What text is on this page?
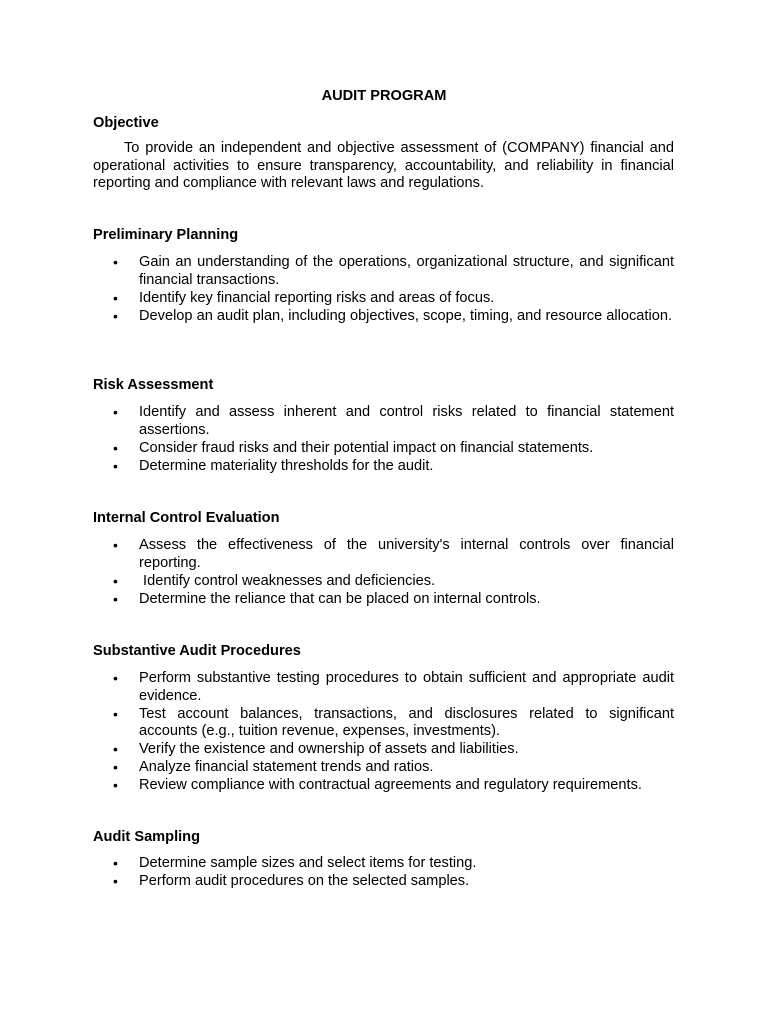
AUDIT PROGRAM
Objective

To provide an independent and objective assessment of (COMPANY) financial and operational activities to ensure transparency, accountability, and reliability in financial reporting and compliance with relevant laws and regulations.

Preliminary Planning
• Gain an understanding of the operations, organizational structure, and significant financial transactions.
• Identify key financial reporting risks and areas of focus.
• Develop an audit plan, including objectives, scope, timing, and resource allocation.
Risk Assessment
• Identify and assess inherent and control risks related to financial statement assertions.
• Consider fraud risks and their potential impact on financial statements.
• Determine materiality thresholds for the audit.
Internal Control Evaluation
• Assess the effectiveness of the university's internal controls over financial reporting.
• Identify control weaknesses and deficiencies.
• Determine the reliance that can be placed on internal controls.
Substantive Audit Procedures
• Perform substantive testing procedures to obtain sufficient and appropriate audit evidence.
• Test account balances, transactions, and disclosures related to significant accounts (e.g., tuition revenue, expenses, investments).
• Verify the existence and ownership of assets and liabilities.
• Analyze financial statement trends and ratios.
• Review compliance with contractual agreements and regulatory requirements.
Audit Sampling
• Determine sample sizes and select items for testing.
• Perform audit procedures on the selected samples.
